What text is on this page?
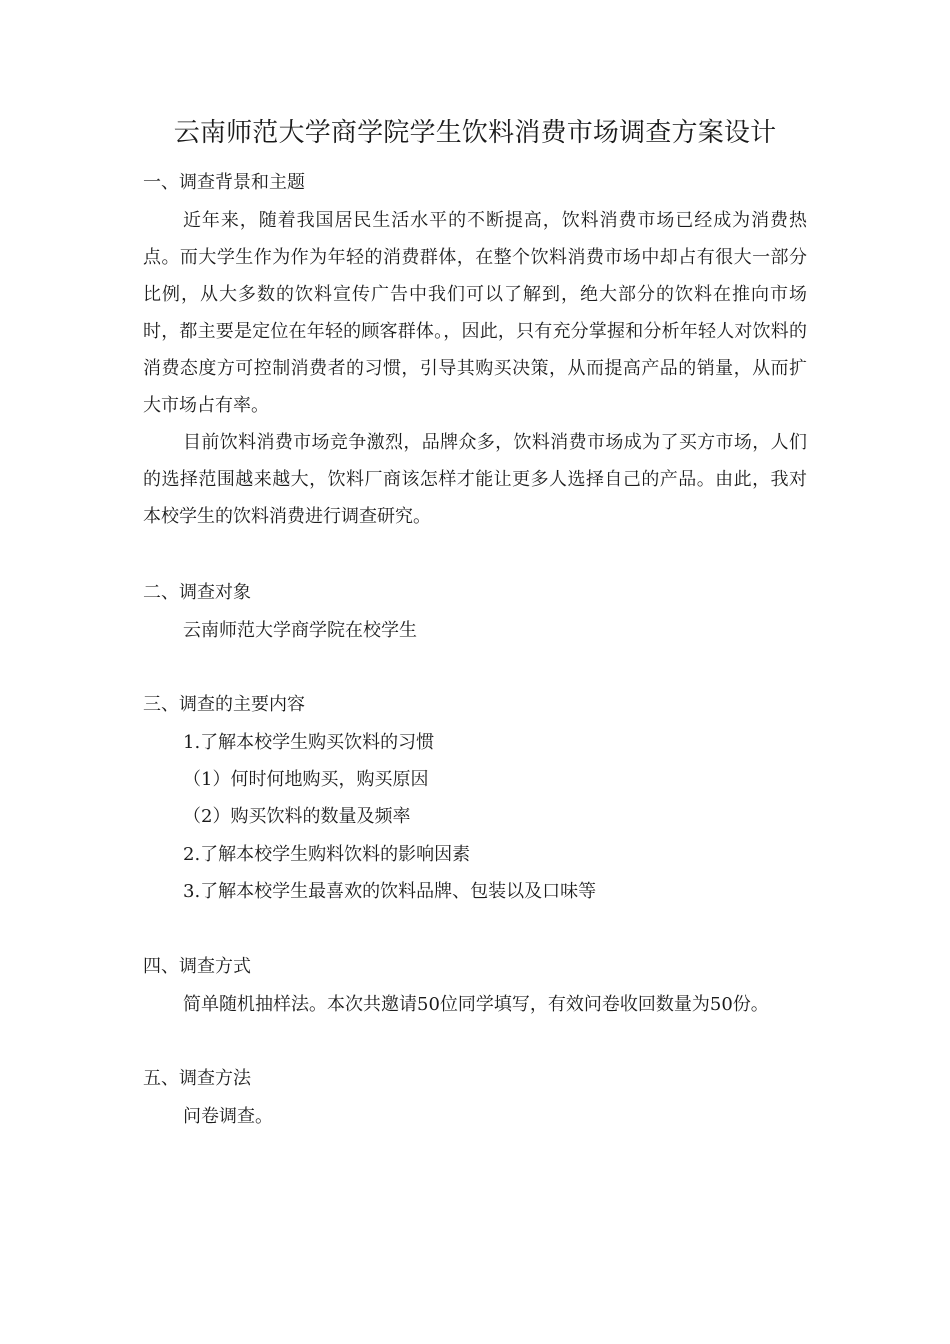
云南师范大学商学院学生饮料消费市场调查方案设计
一、调查背景和主题
近年来，随着我国居民生活水平的不断提高，饮料消费市场已经成为消费热点。而大学生作为作为年轻的消费群体，在整个饮料消费市场中却占有很大一部分比例，从大多数的饮料宣传广告中我们可以了解到，绝大部分的饮料在推向市场时，都主要是定位在年轻的顾客群体。，因此，只有充分掌握和分析年轻人对饮料的消费态度方可控制消费者的习惯，引导其购买决策，从而提高产品的销量，从而扩大市场占有率。
目前饮料消费市场竞争激烈，品牌众多，饮料消费市场成为了买方市场，人们的选择范围越来越大，饮料厂商该怎样才能让更多人选择自己的产品。由此，我对本校学生的饮料消费进行调查研究。
二、调查对象
云南师范大学商学院在校学生
三、调查的主要内容
1.了解本校学生购买饮料的习惯
（1）何时何地购买，购买原因
（2）购买饮料的数量及频率
2.了解本校学生购料饮料的影响因素
3.了解本校学生最喜欢的饮料品牌、包装以及口味等
四、调查方式
简单随机抽样法。本次共邀请50位同学填写，有效问卷收回数量为50份。
五、调查方法
问卷调查。
